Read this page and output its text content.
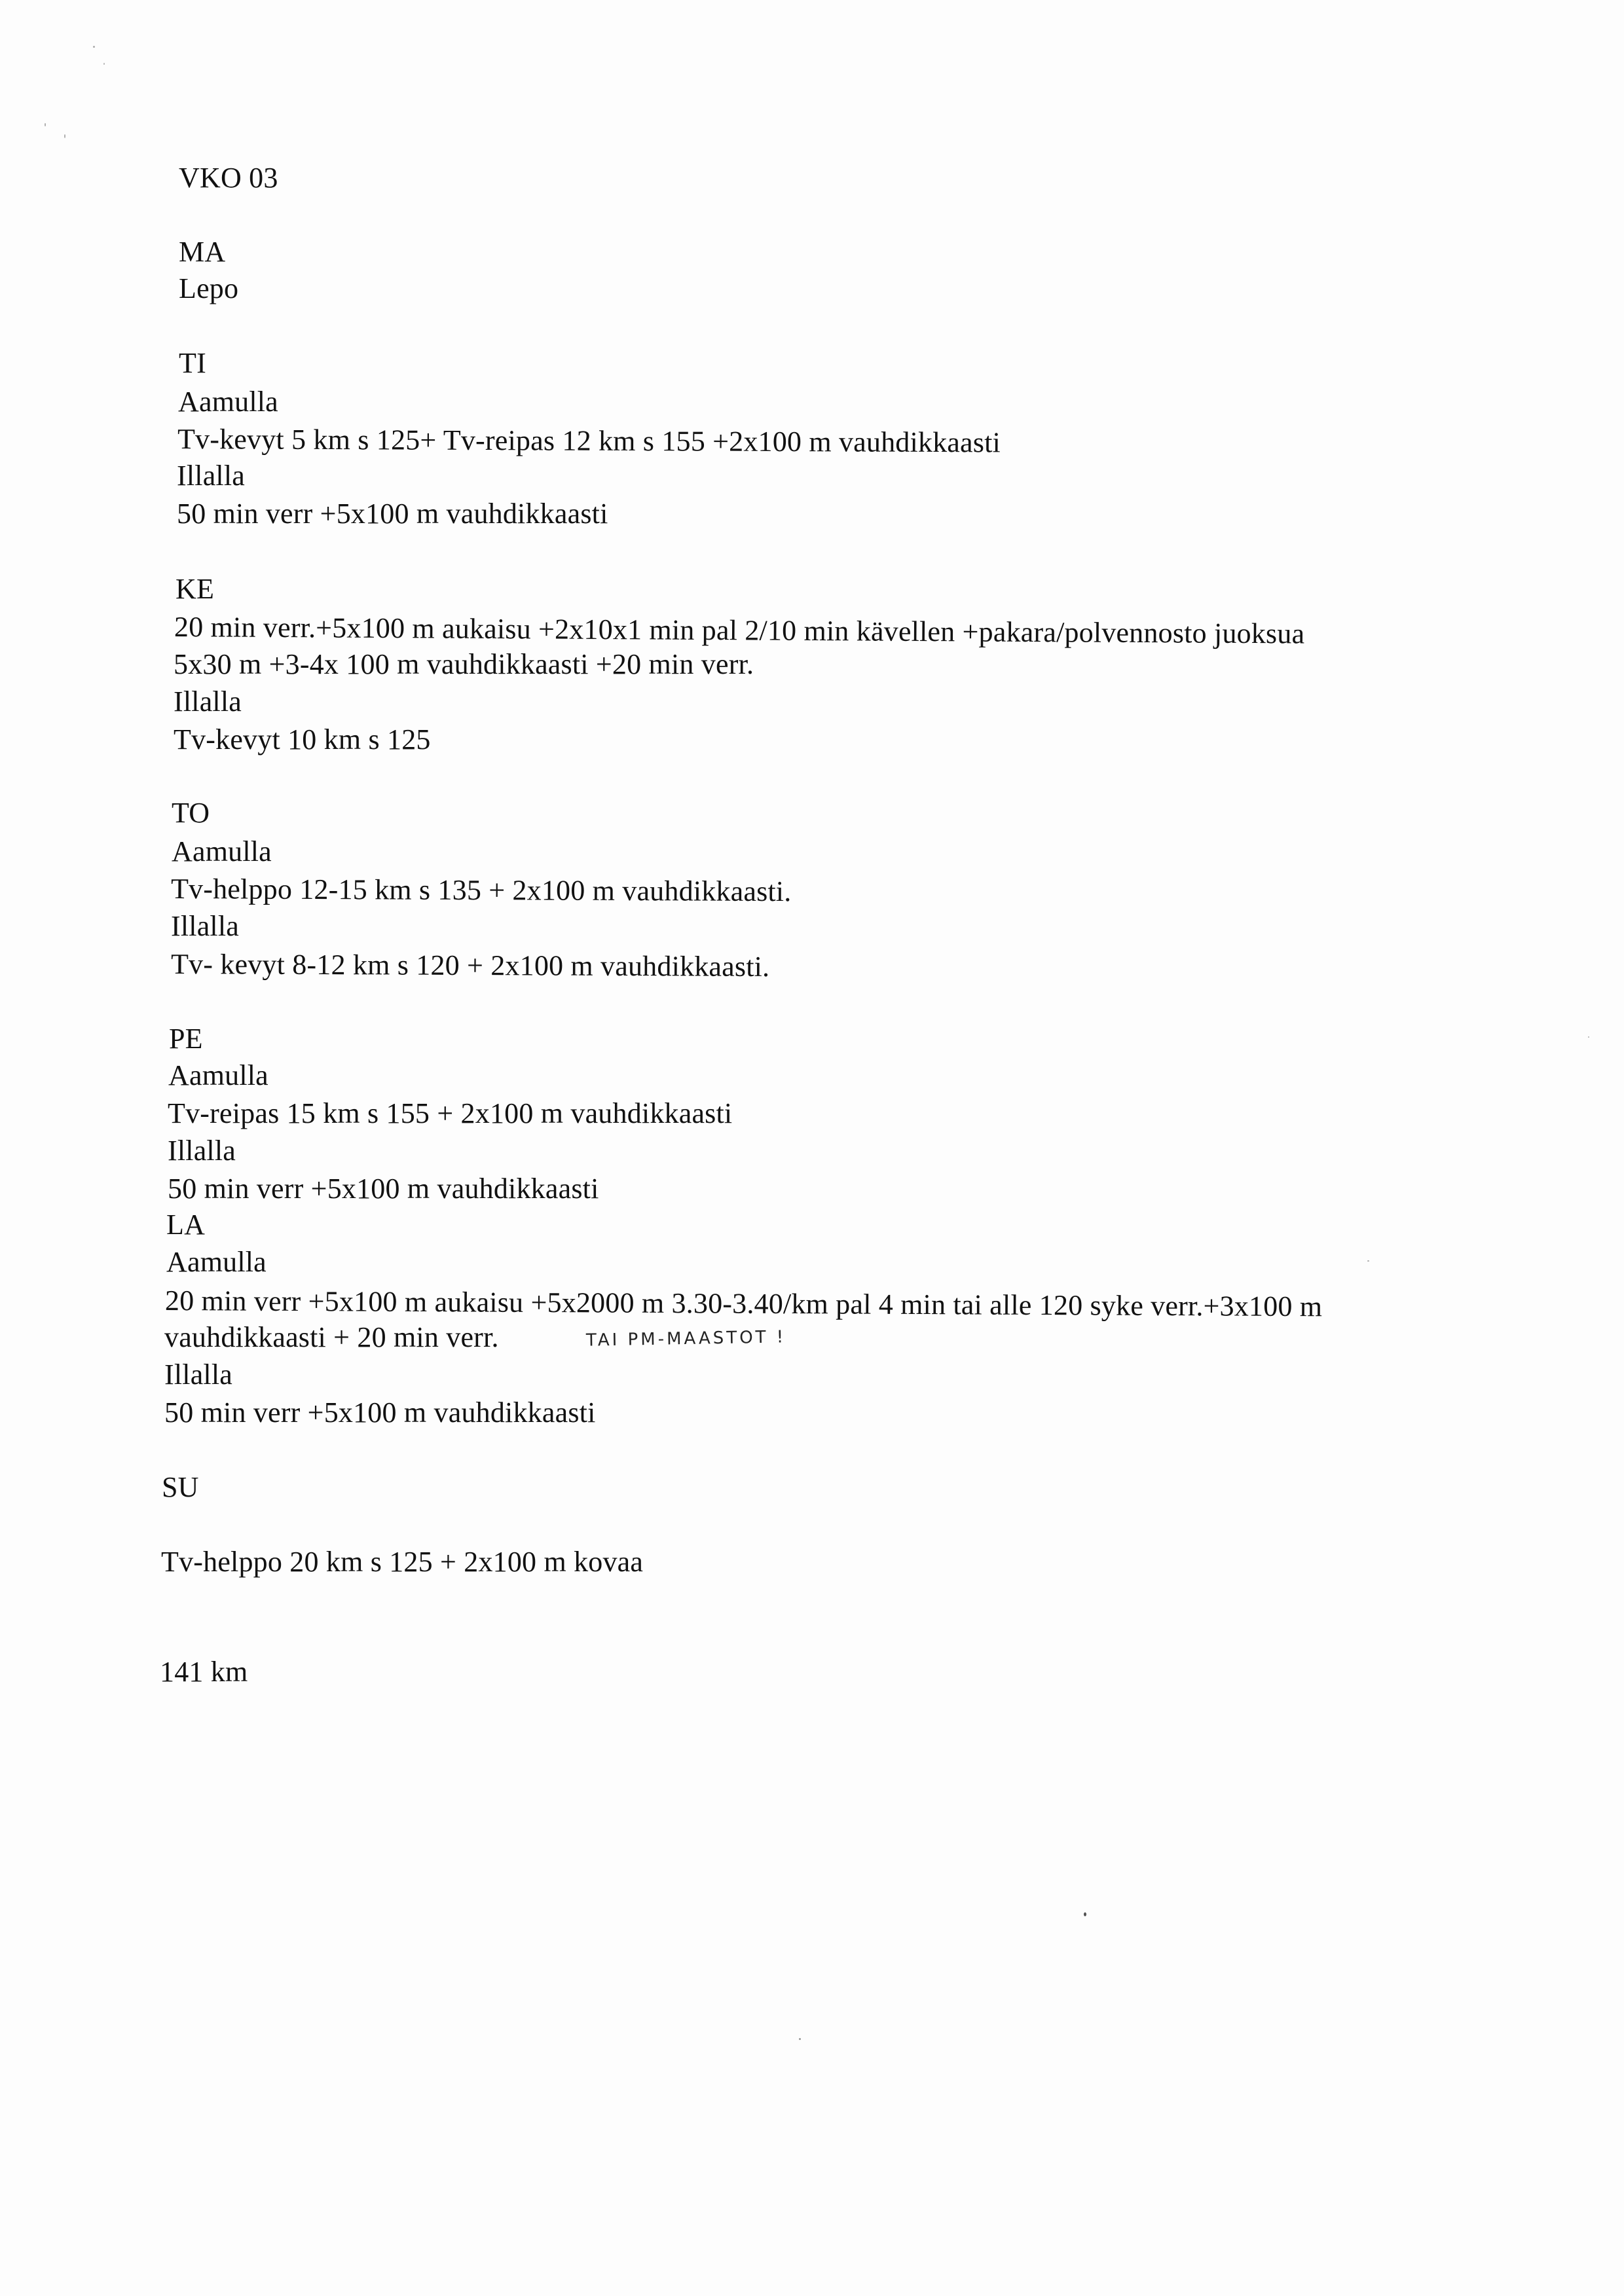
VKO 03
MA
Lepo
TI
Aamulla
Tv-kevyt 5 km s 125+ Tv-reipas 12 km s 155 +2x100 m vauhdikkaasti
Illalla
50 min verr +5x100 m vauhdikkaasti
KE
20 min verr.+5x100 m aukaisu +2x10x1 min pal 2/10 min kävellen +pakara/polvennosto juoksua
5x30 m +3-4x 100 m vauhdikkaasti +20 min verr.
Illalla
Tv-kevyt 10 km s 125
TO
Aamulla
Tv-helppo 12-15 km s 135 + 2x100 m vauhdikkaasti.
Illalla
Tv- kevyt 8-12 km s 120 + 2x100 m vauhdikkaasti.
PE
Aamulla
Tv-reipas 15 km s 155 + 2x100 m vauhdikkaasti
Illalla
50 min verr +5x100 m vauhdikkaasti
LA
Aamulla
20 min verr +5x100 m aukaisu +5x2000 m 3.30-3.40/km pal 4 min tai alle 120 syke verr.+3x100 m
vauhdikkaasti + 20 min verr.	TAI PM-MAASTOT !
Illalla
50 min verr +5x100 m vauhdikkaasti
SU
Tv-helppo 20 km s 125 + 2x100 m kovaa
141 km
